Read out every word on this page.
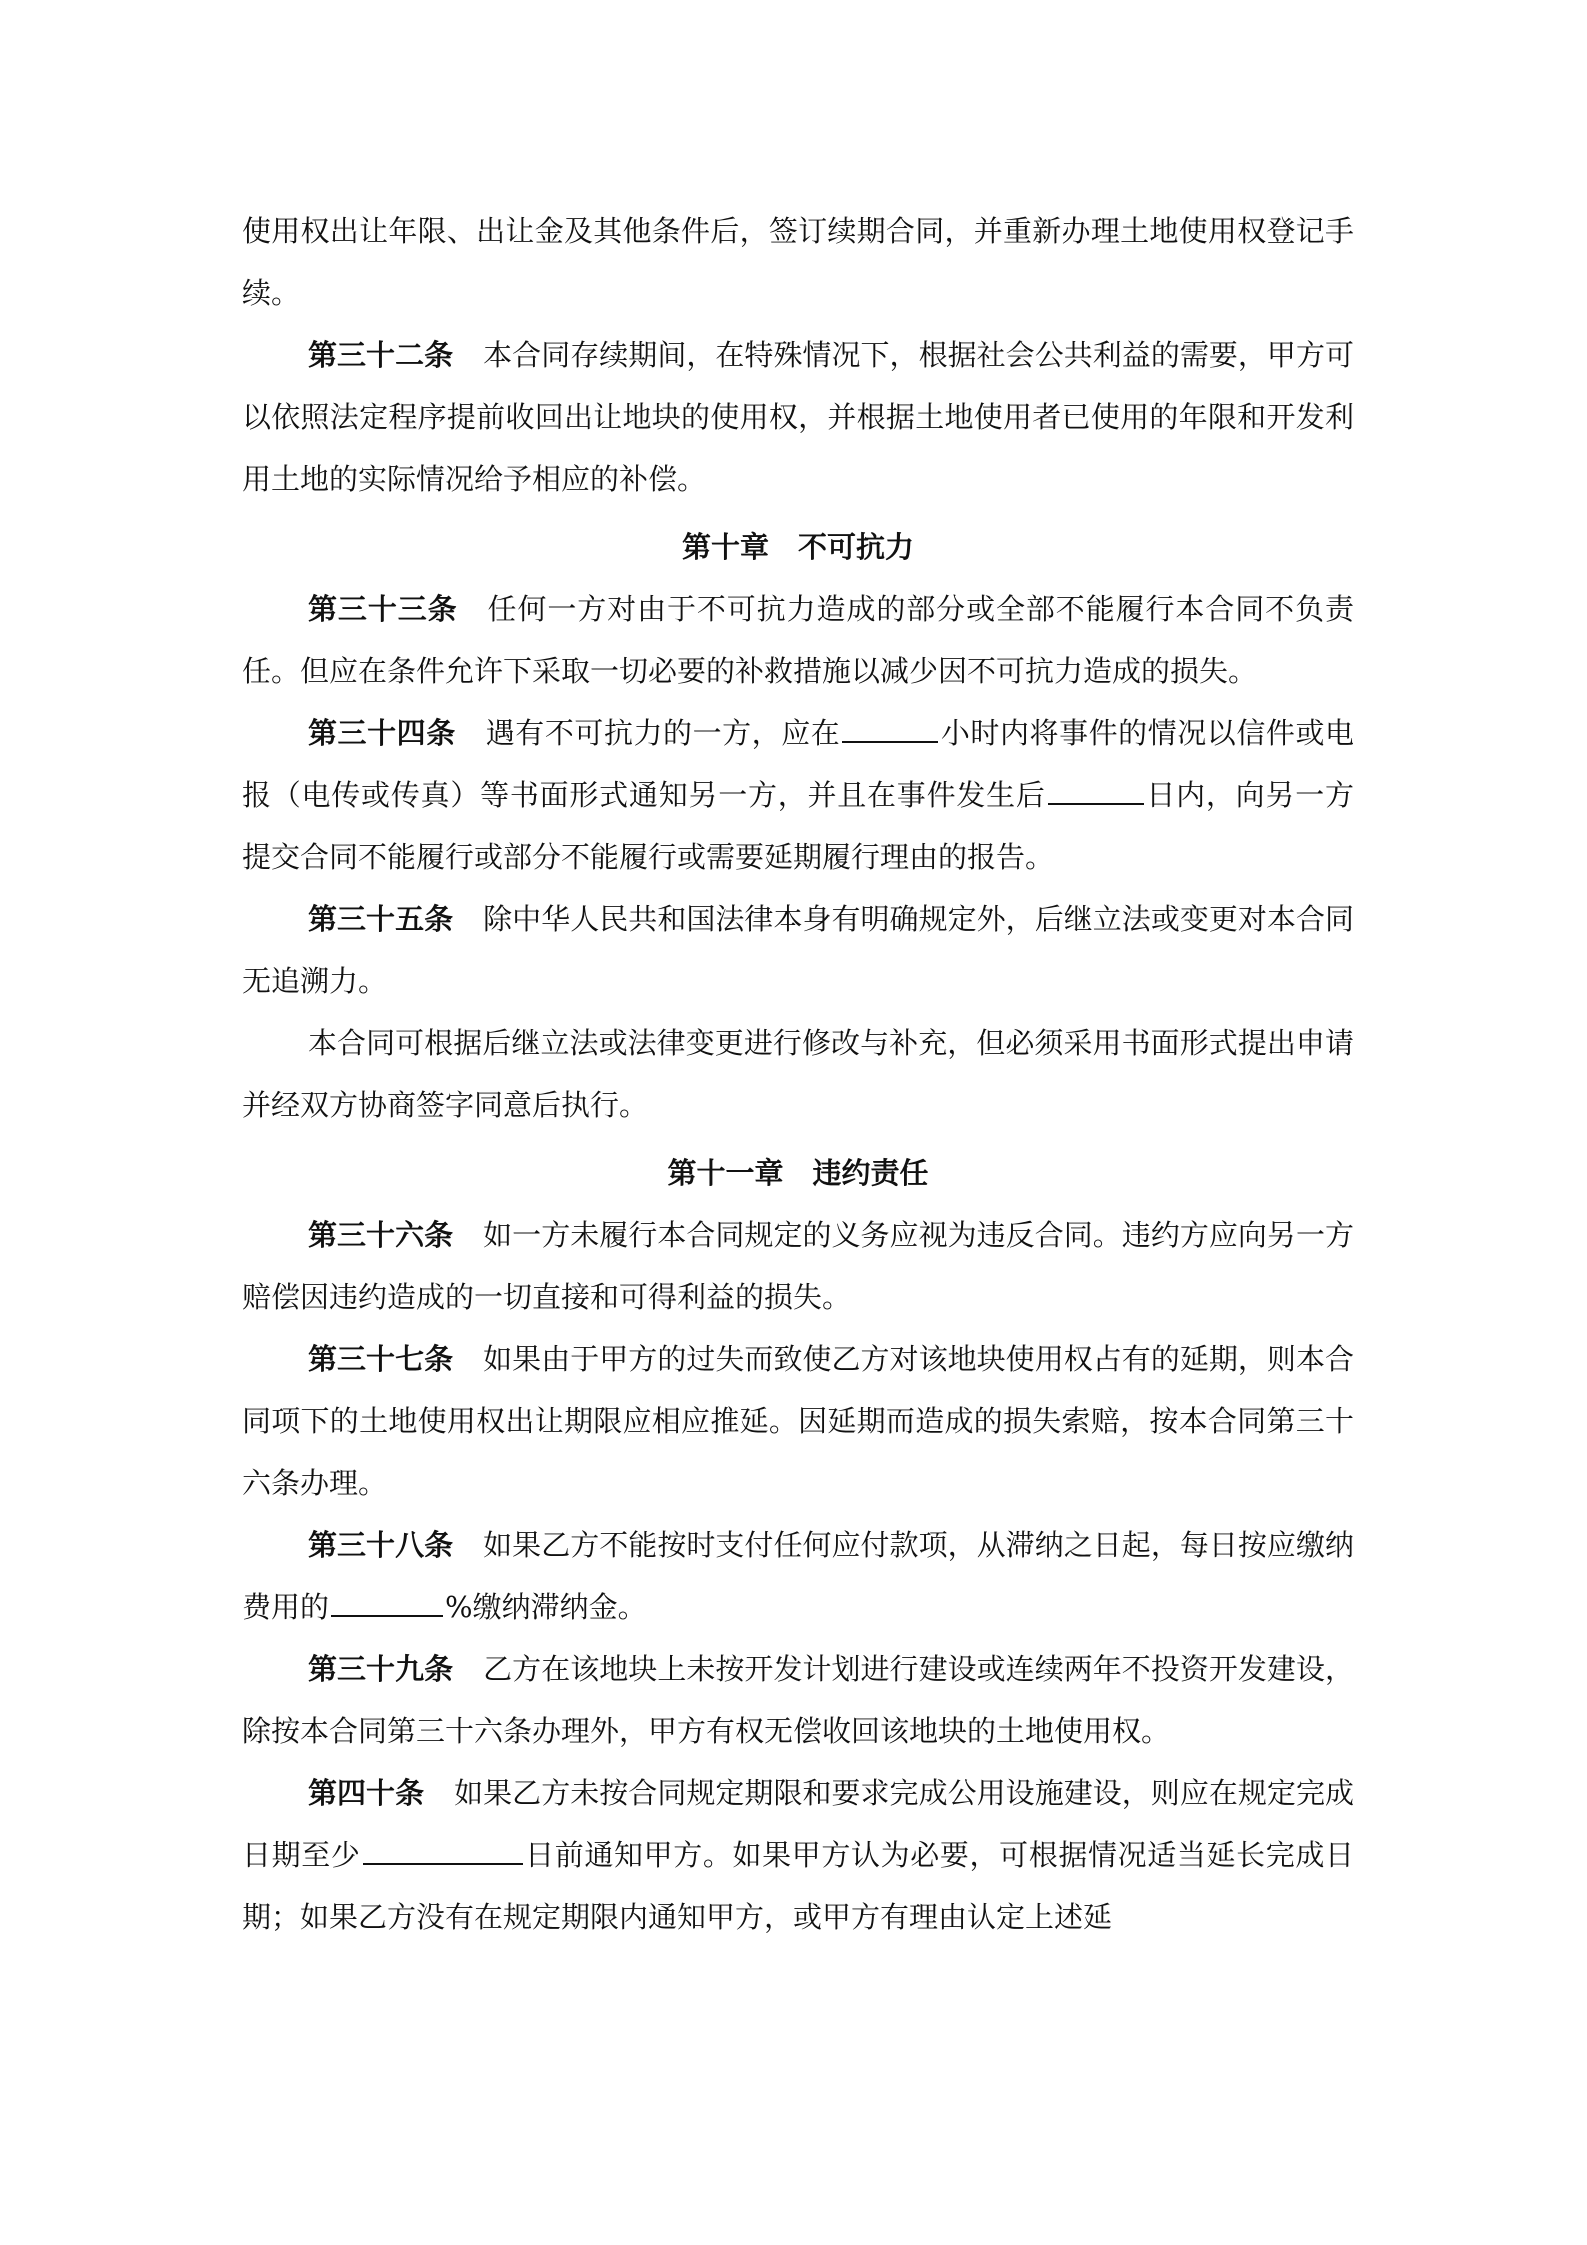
使用权出让年限、出让金及其他条件后，签订续期合同，并重新办理土地使用权登记手续。

第三十二条 本合同存续期间，在特殊情况下，根据社会公共利益的需要，甲方可以依照法定程序提前收回出让地块的使用权，并根据土地使用者已使用的年限和开发利用土地的实际情况给予相应的补偿。

第十章　不可抗力

第三十三条 任何一方对由于不可抗力造成的部分或全部不能履行本合同不负责任。但应在条件允许下采取一切必要的补救措施以减少因不可抗力造成的损失。

第三十四条 遇有不可抗力的一方，应在	小时内将事件的情况以信件或电报（电传或传真）等书面形式通知另一方，并且在事件发生后	日内，向另一方提交合同不能履行或部分不能履行或需要延期履行理由的报告。

第三十五条 除中华人民共和国法律本身有明确规定外，后继立法或变更对本合同无追溯力。

本合同可根据后继立法或法律变更进行修改与补充，但必须采用书面形式提出申请并经双方协商签字同意后执行。

第十一章　违约责任

第三十六条 如一方未履行本合同规定的义务应视为违反合同。违约方应向另一方赔偿因违约造成的一切直接和可得利益的损失。

第三十七条 如果由于甲方的过失而致使乙方对该地块使用权占有的延期，则本合同项下的土地使用权出让期限应相应推延。因延期而造成的损失索赔，按本合同第三十六条办理。

第三十八条 如果乙方不能按时支付任何应付款项，从滞纳之日起，每日按应缴纳费用的	%缴纳滞纳金。

第三十九条 乙方在该地块上未按开发计划进行建设或连续两年不投资开发建设，除按本合同第三十六条办理外，甲方有权无偿收回该地块的土地使用权。

第四十条 如果乙方未按合同规定期限和要求完成公用设施建设，则应在规定完成日期至少	日前通知甲方。如果甲方认为必要，可根据情况适当延长完成日期；如果乙方没有在规定期限内通知甲方，或甲方有理由认定上述延
